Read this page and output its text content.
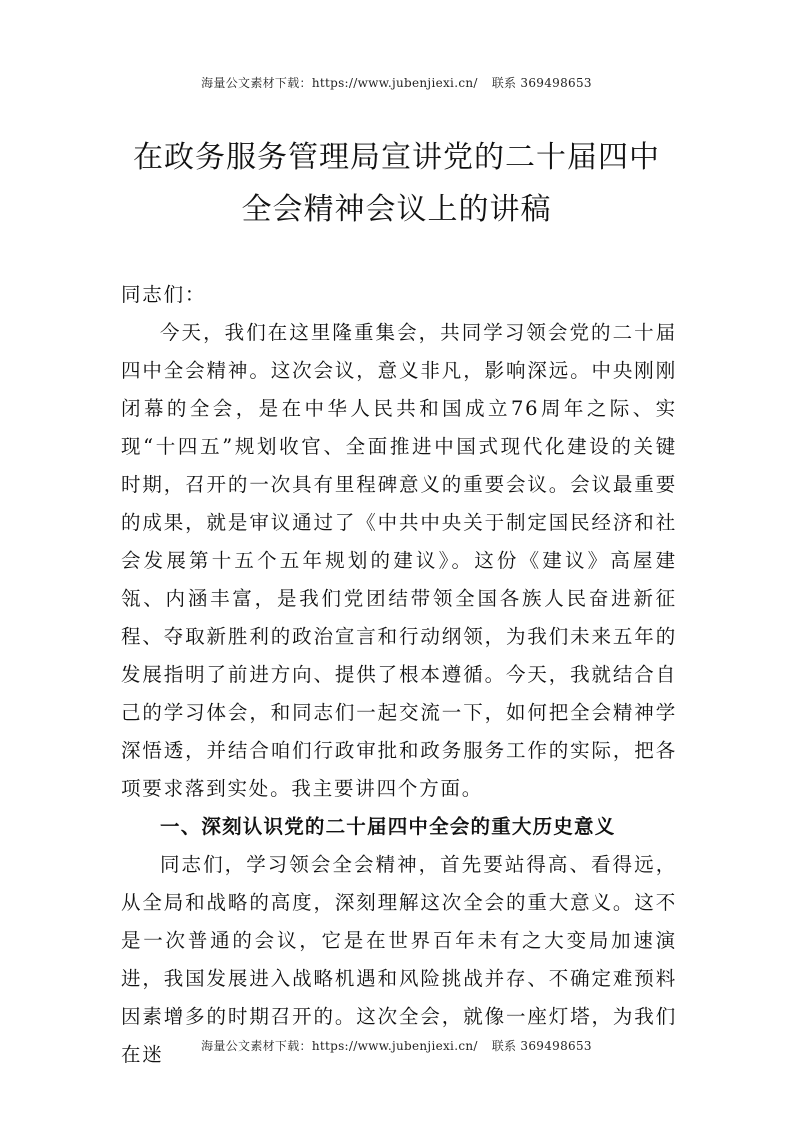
海量公文素材下载：https://www.jubenjiexi.cn/ 联系 369498653
在政务服务管理局宣讲党的二十届四中全会精神会议上的讲稿

同志们：

今天，我们在这里隆重集会，共同学习领会党的二十届四中全会精神。这次会议，意义非凡，影响深远。中央刚刚闭幕的全会，是在中华人民共和国成立76周年之际、实现“十四五”规划收官、全面推进中国式现代化建设的关键时期，召开的一次具有里程碑意义的重要会议。会议最重要的成果，就是审议通过了《中共中央关于制定国民经济和社会发展第十五个五年规划的建议》。这份《建议》高屋建瓴、内涵丰富，是我们党团结带领全国各族人民奋进新征程、夺取新胜利的政治宣言和行动纲领，为我们未来五年的发展指明了前进方向、提供了根本遵循。今天，我就结合自己的学习体会，和同志们一起交流一下，如何把全会精神学深悟透，并结合咱们行政审批和政务服务工作的实际，把各项要求落到实处。我主要讲四个方面。

一、深刻认识党的二十届四中全会的重大历史意义

同志们，学习领会全会精神，首先要站得高、看得远，从全局和战略的高度，深刻理解这次全会的重大意义。这不是一次普通的会议，它是在世界百年未有之大变局加速演进，我国发展进入战略机遇和风险挑战并存、不确定难预料因素增多的时期召开的。这次全会，就像一座灯塔，为我们在迷	海量公文素材下载：https://www.jubenjiexi.cn/ 联系 369498653
